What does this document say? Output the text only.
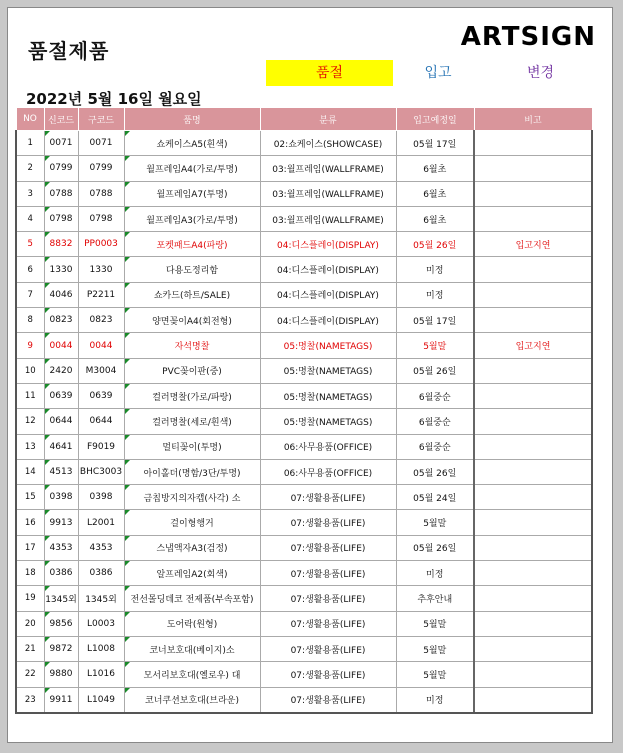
품절제품	ARTSIGN
품절	입고	변경
2022년 5월 16일 월요일
NO	신코드	구코드	품명	분류	입고예정일	비고
1	0071	0071	쇼케이스A5(흰색)	02:쇼케이스(SHOWCASE)	05월 17일	
2	0799	0799	월프레임A4(가로/투명)	03:월프레임(WALLFRAME)	6월초	
3	0788	0788	월프레임A7(투명)	03:월프레임(WALLFRAME)	6월초	
4	0798	0798	월프레임A3(가로/투명)	03:월프레임(WALLFRAME)	6월초	
5	8832	PP0003	포켓패드A4(파랑)	04:디스플레이(DISPLAY)	05월 26일	입고지연
6	1330	1330	다용도정리함	04:디스플레이(DISPLAY)	미정	
7	4046	P2211	쇼카드(하트/SALE)	04:디스플레이(DISPLAY)	미정	
8	0823	0823	양면꽂이A4(회전형)	04:디스플레이(DISPLAY)	05월 17일	
9	0044	0044	자석명찰	05:명찰(NAMETAGS)	5월말	입고지연
10	2420	M3004	PVC꽂이판(중)	05:명찰(NAMETAGS)	05월 26일	
11	0639	0639	컬러명찰(가로/파랑)	05:명찰(NAMETAGS)	6월중순	
12	0644	0644	컬러명찰(세로/흰색)	05:명찰(NAMETAGS)	6월중순	
13	4641	F9019	멀티꽂이(투명)	06:사무용품(OFFICE)	6월중순	
14	4513	BHC3003	아이홀더(명함/3단/투명)	06:사무용품(OFFICE)	05월 26일	
15	0398	0398	금칩방지의자캡(사각) 소	07:생활용품(LIFE)	05월 24일	
16	9913	L2001	걸이형행거	07:생활용품(LIFE)	5월말	
17	4353	4353	스냅액자A3(검정)	07:생활용품(LIFE)	05월 26일	
18	0386	0386	알프레임A2(회색)	07:생활용품(LIFE)	미정	
19	1345외	1345외	전선몰딩데코 전제품(부속포함)	07:생활용품(LIFE)	추후안내	
20	9856	L0003	도어락(원형)	07:생활용품(LIFE)	5월말	
21	9872	L1008	코너보호대(베이지)소	07:생활용품(LIFE)	5월말	
22	9880	L1016	모서리보호대(옐로우) 대	07:생활용품(LIFE)	5월말	
23	9911	L1049	코너쿠션보호대(브라운)	07:생활용품(LIFE)	미정	
